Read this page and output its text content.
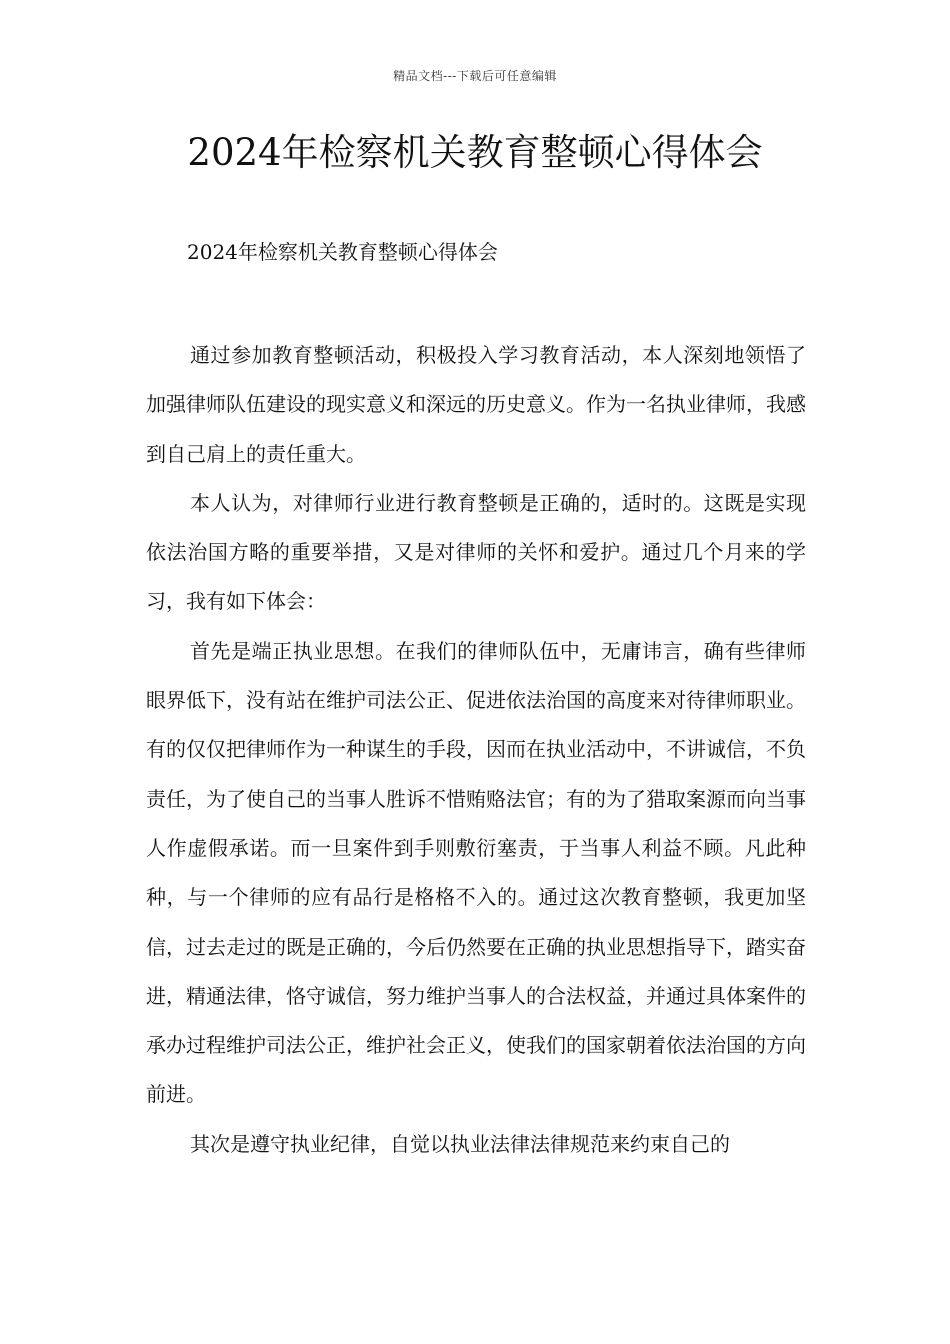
精品文档---下载后可任意编辑
2024年检察机关教育整顿心得体会

2024年检察机关教育整顿心得体会

通过参加教育整顿活动，积极投入学习教育活动，本人深刻地领悟了加强律师队伍建设的现实意义和深远的历史意义。作为一名执业律师，我感到自己肩上的责任重大。

本人认为，对律师行业进行教育整顿是正确的，适时的。这既是实现依法治国方略的重要举措，又是对律师的关怀和爱护。通过几个月来的学习，我有如下体会：

首先是端正执业思想。在我们的律师队伍中，无庸讳言，确有些律师眼界低下，没有站在维护司法公正、促进依法治国的高度来对待律师职业。有的仅仅把律师作为一种谋生的手段，因而在执业活动中，不讲诚信，不负责任，为了使自己的当事人胜诉不惜贿赂法官；有的为了猎取案源而向当事人作虚假承诺。而一旦案件到手则敷衍塞责，于当事人利益不顾。凡此种种，与一个律师的应有品行是格格不入的。通过这次教育整顿，我更加坚信，过去走过的既是正确的，今后仍然要在正确的执业思想指导下，踏实奋进，精通法律，恪守诚信，努力维护当事人的合法权益，并通过具体案件的承办过程维护司法公正，维护社会正义，使我们的国家朝着依法治国的方向前进。

其次是遵守执业纪律，自觉以执业法律法律规范来约束自己的
